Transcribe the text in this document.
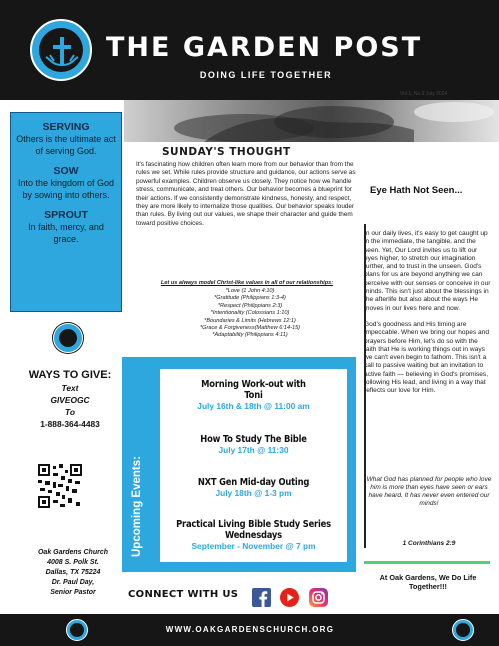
THE GARDEN POST
DOING LIFE TOGETHER
Vol.1, No.9 July 2024
SERVING
Others is the ultimate act of serving God.
SOW
Into the kingdom of God by sowing into others.
SPROUT
In faith, mercy, and grace.
SUNDAY'S THOUGHT
It's fascinating how children often learn more from our behavior than from the rules we set. While rules provide structure and guidance, our actions serve as powerful examples. Children observe us closely. They notice how we handle stress, communicate, and treat others. Our behavior becomes a blueprint for their actions. If we consistently demonstrate kindness, honesty, and respect, they are more likely to internalize those qualities. Our behavior speaks louder than rules. By living out our values, we shape their character and guide them toward positive choices.
Let us always model Christ-like values in all of our relationships:
*Love (1 John 4:10)
*Gratitude (Philippians 1:3-4)
*Respect (Philippians 2:3)
*Intentionality (Colossians 1:10)
*Boundaries & Limits (Hebrews 12:1)
*Grace & Forgiveness(Matthew 6:14-15)
*Adaptability (Philippians 4:11)
Eye Hath Not Seen...

In our daily lives, it's easy to get caught up in the immediate, the tangible, and the seen. Yet, Our Lord invites us to lift our eyes higher, to stretch our imagination further, and to trust in the unseen. God's plans for us are beyond anything we can perceive with our senses or conceive in our minds. This isn't just about the blessings in the afterlife but also about the ways He moves in our lives here and now.

God's goodness and His timing are impeccable. When we bring our hopes and prayers before Him, let's do so with the faith that He is working things out in ways we can't even begin to fathom. This isn't a call to passive waiting but an invitation to active faith — believing in God's promises, following His lead, and living in a way that reflects our love for Him.

What God has planned for people who love him is more than eyes have seen or ears have heard. It has never even entered our minds!
1 Corinthians 2:9
At Oak Gardens, We Do Life Together!!!
WAYS TO GIVE:
Text
GIVEOGC
To
1-888-364-4483
Oak Gardens Church
4008 S. Polk St.
Dallas, TX 75224
Dr. Paul Day,
Senior Pastor
Upcoming Events:
Morning Work-out with Toni
July 16th & 18th @ 11:00 am
How To Study The Bible
July 17th @ 11:30
NXT Gen Mid-day Outing
July 18th @ 1-3 pm
Practical Living Bible Study Series Wednesdays
September - November @ 7 pm
CONNECT WITH US
WWW.OAKGARDENSCHURCH.ORG
